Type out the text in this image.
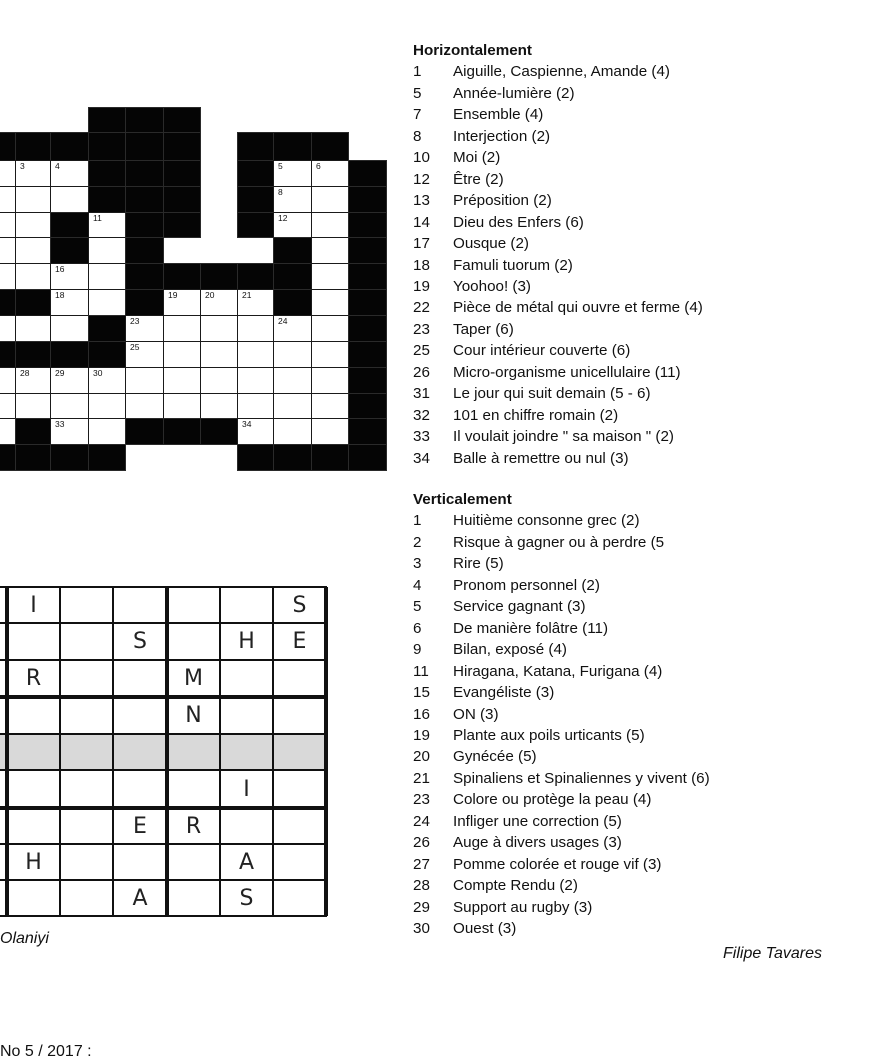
3	4	5	6
8
11	12
16
18	19	20	21
23	24
25
28	29	30
33	34
I	S
S	H	E
R	M
N
I
E	R
H	A
A	S
Horizontalement
1	Aiguille, Caspienne, Amande (4)
5	Année-lumière (2)
7	Ensemble (4)
8	Interjection (2)
10	Moi (2)
12	Être (2)
13	Préposition (2)
14	Dieu des Enfers (6)
17	Ousque (2)
18	Famuli tuorum (2)
19	Yoohoo! (3)
22	Pièce de métal qui ouvre et ferme (4)
23	Taper (6)
25	Cour intérieur couverte (6)
26	Micro-organisme unicellulaire (11)
31	Le jour qui suit demain (5 - 6)
32	101 en chiffre romain (2)
33	Il voulait joindre " sa maison " (2)
34	Balle à remettre ou nul (3)
Verticalement
1	Huitième consonne grec (2)
2	Risque à gagner ou à perdre (5
3	Rire (5)
4	Pronom personnel (2)
5	Service gagnant (3)
6	De manière folâtre (11)
9	Bilan, exposé (4)
11	Hiragana, Katana, Furigana (4)
15	Evangéliste (3)
16	ON (3)
19	Plante aux poils urticants (5)
20	Gynécée (5)
21	Spinaliens et Spinaliennes y vivent (6)
23	Colore ou protège la peau (4)
24	Infliger une correction (5)
26	Auge à divers usages (3)
27	Pomme colorée et rouge vif (3)
28	Compte Rendu (2)
29	Support au rugby (3)
30	Ouest (3)
Filipe Tavares
Olaniyi
No 5 / 2017 :
